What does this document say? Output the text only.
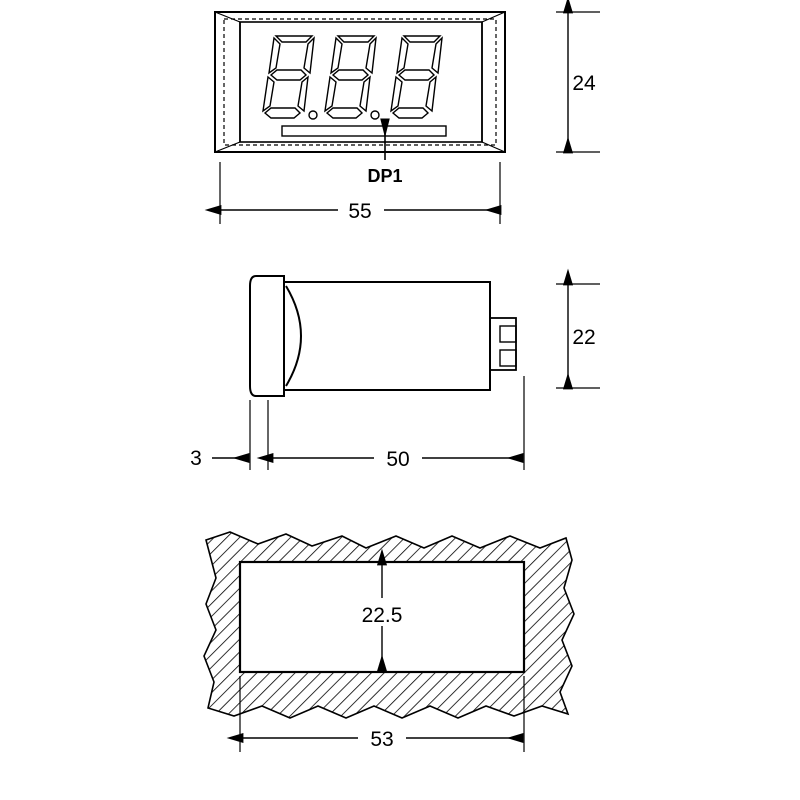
DP1
24
55
22
3	50
22.5
53
